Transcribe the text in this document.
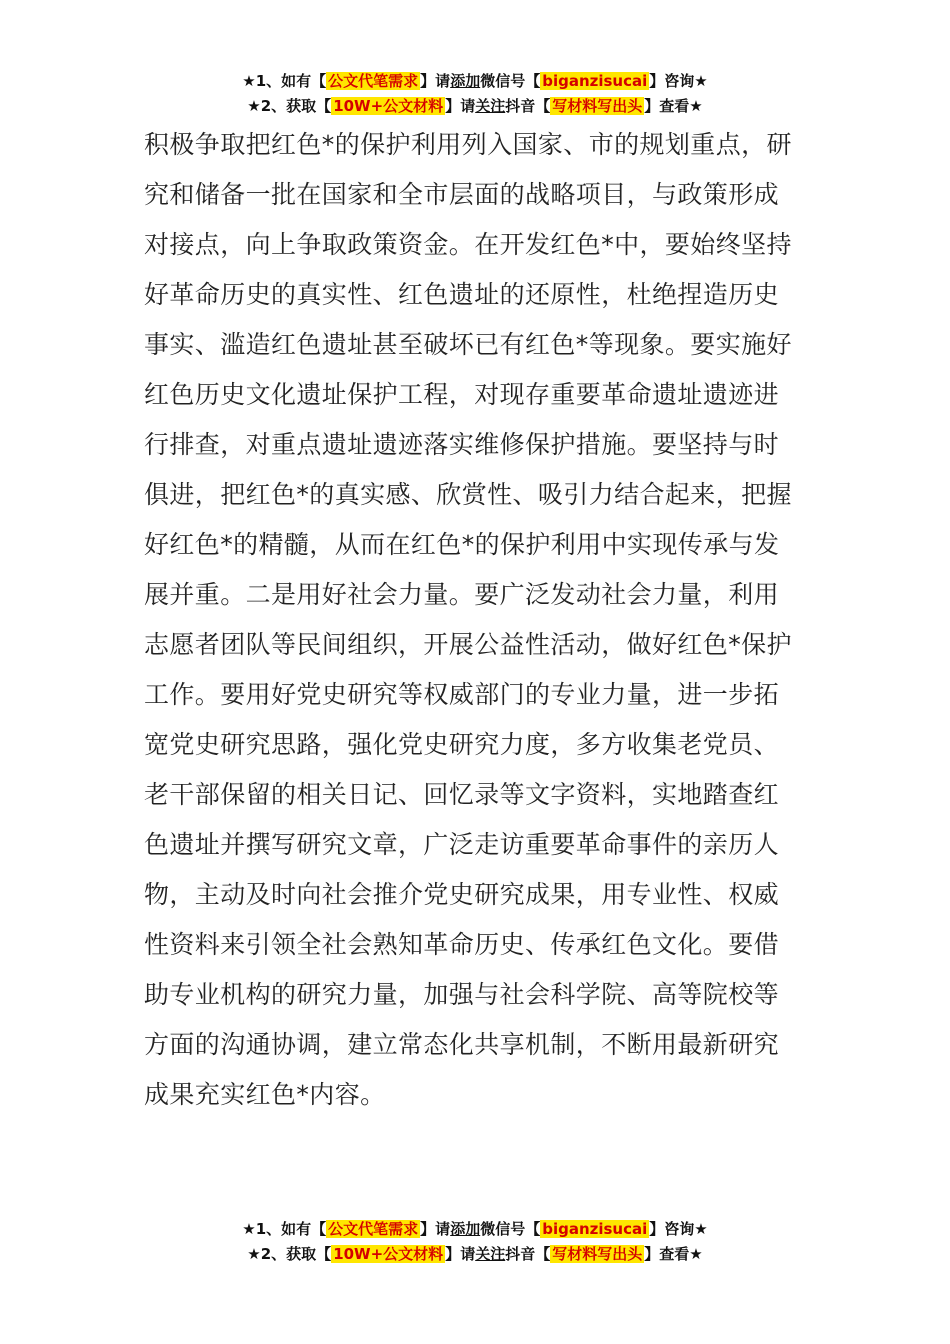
★1、如有【 公文代笔需求 】请添加微信号【 biganzisucai 】咨询★
★2、获取【 10W+公文材料 】请关注抖音【 写材料写出头 】查看★
积极争取把红色*的保护利用列入国家、市的规划重点，研
究和储备一批在国家和全市层面的战略项目，与政策形成
对接点，向上争取政策资金。在开发红色*中，要始终坚持
好革命历史的真实性、红色遗址的还原性，杜绝捏造历史
事实、滥造红色遗址甚至破坏已有红色*等现象。要实施好
红色历史文化遗址保护工程，对现存重要革命遗址遗迹进
行排查，对重点遗址遗迹落实维修保护措施。要坚持与时
俱进，把红色*的真实感、欣赏性、吸引力结合起来，把握
好红色*的精髓，从而在红色*的保护利用中实现传承与发
展并重。二是用好社会力量。要广泛发动社会力量，利用
志愿者团队等民间组织，开展公益性活动，做好红色*保护
工作。要用好党史研究等权威部门的专业力量，进一步拓
宽党史研究思路，强化党史研究力度，多方收集老党员、
老干部保留的相关日记、回忆录等文字资料，实地踏查红
色遗址并撰写研究文章，广泛走访重要革命事件的亲历人
物，主动及时向社会推介党史研究成果，用专业性、权威
性资料来引领全社会熟知革命历史、传承红色文化。要借
助专业机构的研究力量，加强与社会科学院、高等院校等
方面的沟通协调，建立常态化共享机制，不断用最新研究
成果充实红色*内容。
★1、如有【 公文代笔需求 】请添加微信号【 biganzisucai 】咨询★
★2、获取【 10W+公文材料 】请关注抖音【 写材料写出头 】查看★
